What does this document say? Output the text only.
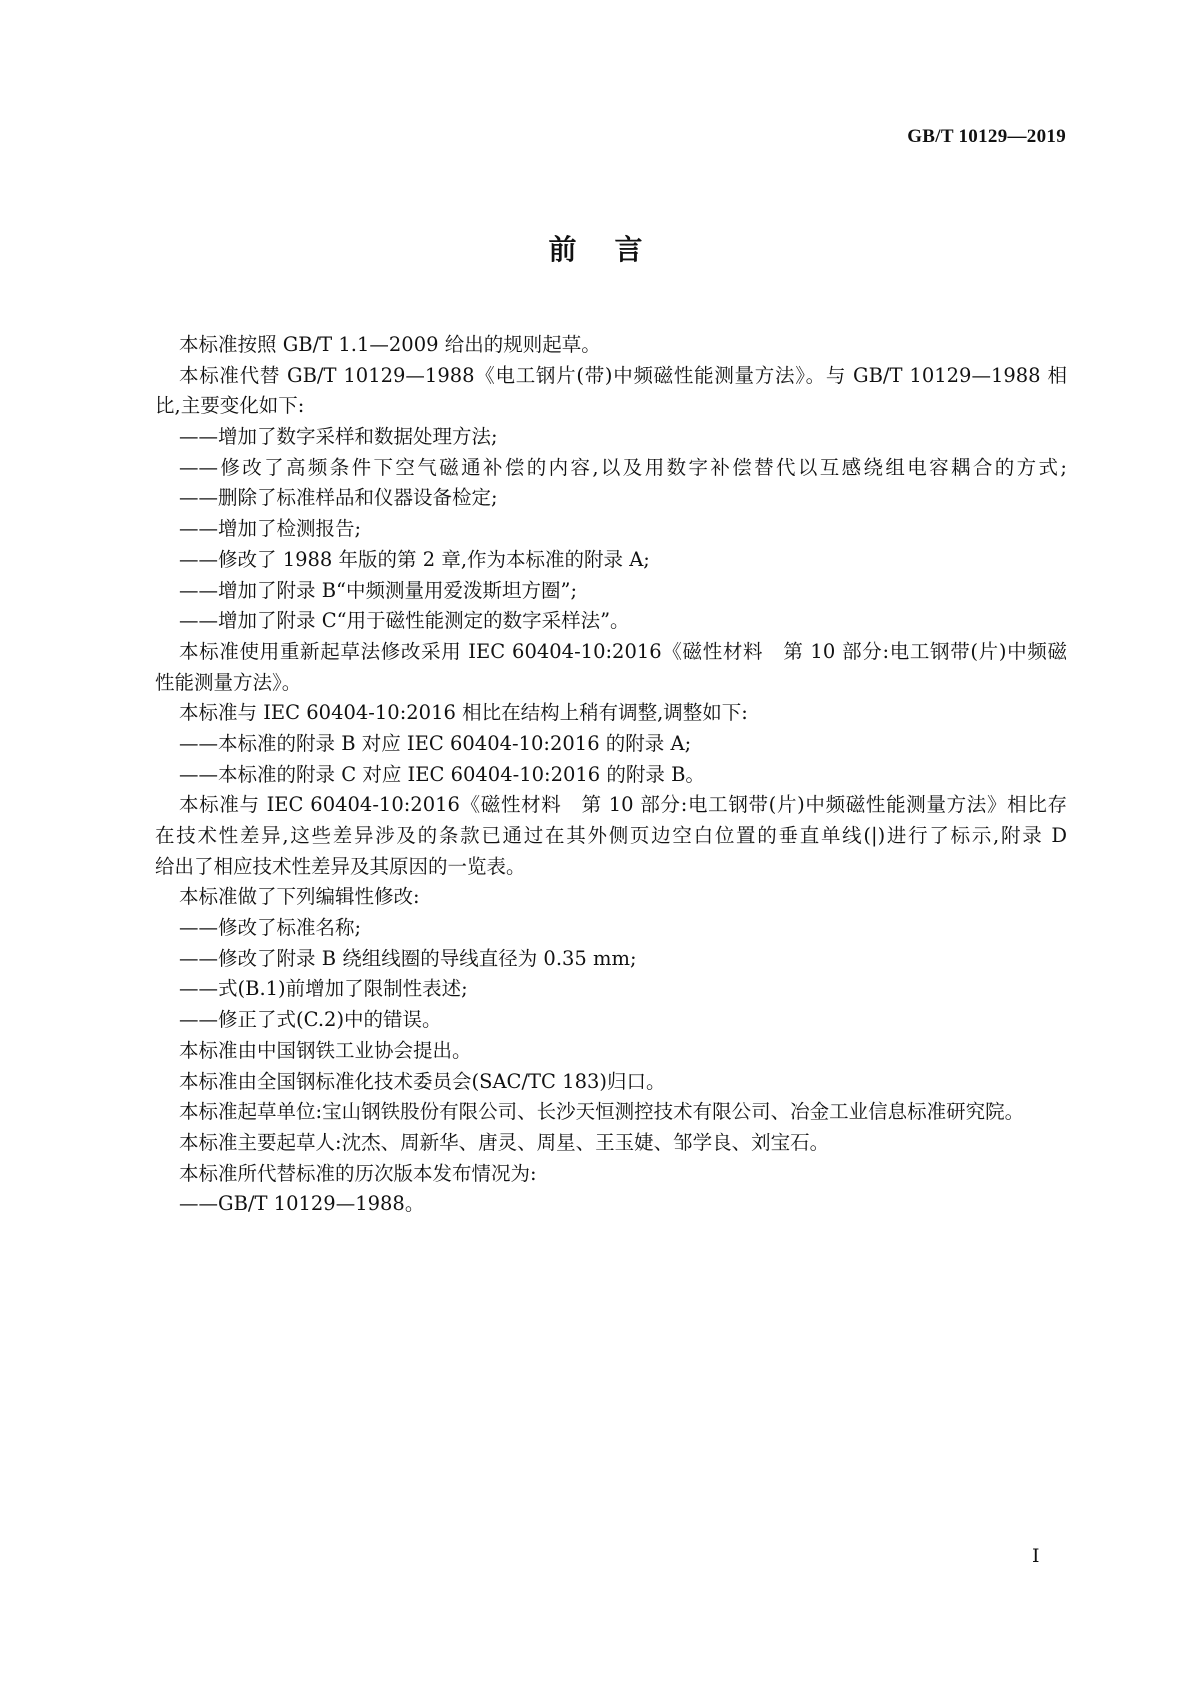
GB/T 10129—2019
前言
本标准按照 GB/T 1.1—2009 给出的规则起草。
本标准代替 GB/T 10129—1988《电工钢片(带)中频磁性能测量方法》。与 GB/T 10129—1988 相
比,主要变化如下:
——增加了数字采样和数据处理方法;
——修改了高频条件下空气磁通补偿的内容,以及用数字补偿替代以互感绕组电容耦合的方式;
——删除了标准样品和仪器设备检定;
——增加了检测报告;
——修改了 1988 年版的第 2 章,作为本标准的附录 A;
——增加了附录 B“中频测量用爱泼斯坦方圈”;
——增加了附录 C“用于磁性能测定的数字采样法”。
本标准使用重新起草法修改采用 IEC 60404-10:2016《磁性材料　第 10 部分:电工钢带(片)中频磁
性能测量方法》。
本标准与 IEC 60404-10:2016 相比在结构上稍有调整,调整如下:
——本标准的附录 B 对应 IEC 60404-10:2016 的附录 A;
——本标准的附录 C 对应 IEC 60404-10:2016 的附录 B。
本标准与 IEC 60404-10:2016《磁性材料　第 10 部分:电工钢带(片)中频磁性能测量方法》相比存
在技术性差异,这些差异涉及的条款已通过在其外侧页边空白位置的垂直单线(|)进行了标示,附录 D
给出了相应技术性差异及其原因的一览表。
本标准做了下列编辑性修改:
——修改了标准名称;
——修改了附录 B 绕组线圈的导线直径为 0.35 mm;
——式(B.1)前增加了限制性表述;
——修正了式(C.2)中的错误。
本标准由中国钢铁工业协会提出。
本标准由全国钢标准化技术委员会(SAC/TC 183)归口。
本标准起草单位:宝山钢铁股份有限公司、长沙天恒测控技术有限公司、冶金工业信息标准研究院。
本标准主要起草人:沈杰、周新华、唐灵、周星、王玉婕、邹学良、刘宝石。
本标准所代替标准的历次版本发布情况为:
——GB/T 10129—1988。
I
